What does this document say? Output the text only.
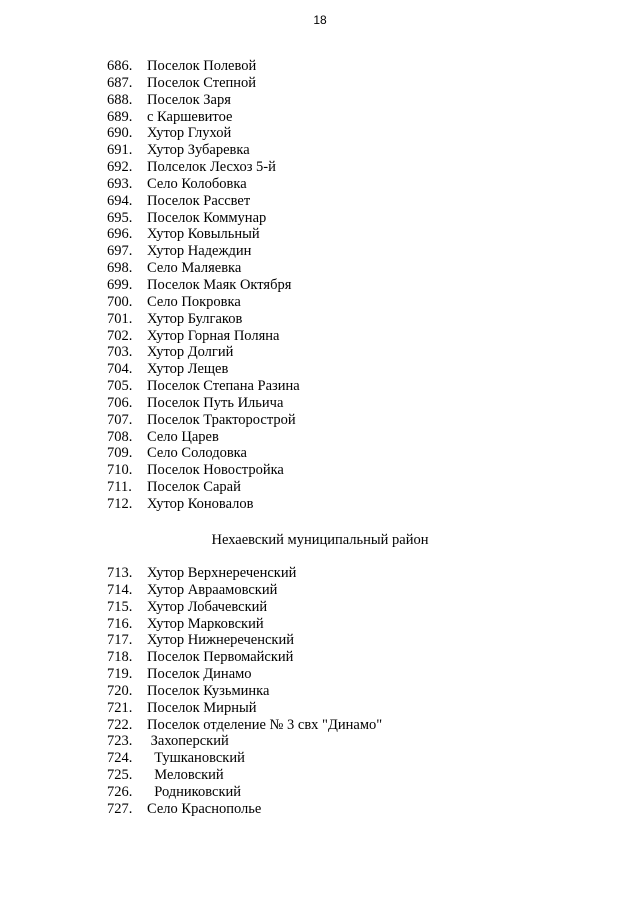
18
686. Поселок Полевой
687. Поселок Степной
688. Поселок Заря
689. с Каршевитое
690. Хутор Глухой
691. Хутор Зубаревка
692. Полселок Лесхоз 5-й
693. Село Колобовка
694. Поселок Рассвет
695. Поселок Коммунар
696. Хутор Ковыльный
697. Хутор Надеждин
698. Село Маляевка
699. Поселок Маяк Октября
700. Село Покровка
701. Хутор Булгаков
702. Хутор Горная Поляна
703. Хутор Долгий
704. Хутор Лещев
705. Поселок Степана Разина
706. Поселок Путь Ильича
707. Поселок Тракторострой
708. Село Царев
709. Село Солодовка
710. Поселок Новостройка
711. Поселок Сарай
712. Хутор Коновалов
Нехаевский муниципальный район
713. Хутор Верхнереченский
714. Хутор Авраамовский
715. Хутор Лобачевский
716. Хутор Марковский
717. Хутор Нижнереченский
718. Поселок Первомайский
719. Поселок Динамо
720. Поселок Кузьминка
721. Поселок Мирный
722. Поселок отделение № 3 свх "Динамо"
723. Захоперский
724. Тушкановский
725. Меловский
726. Родниковский
727. Село Краснополье
